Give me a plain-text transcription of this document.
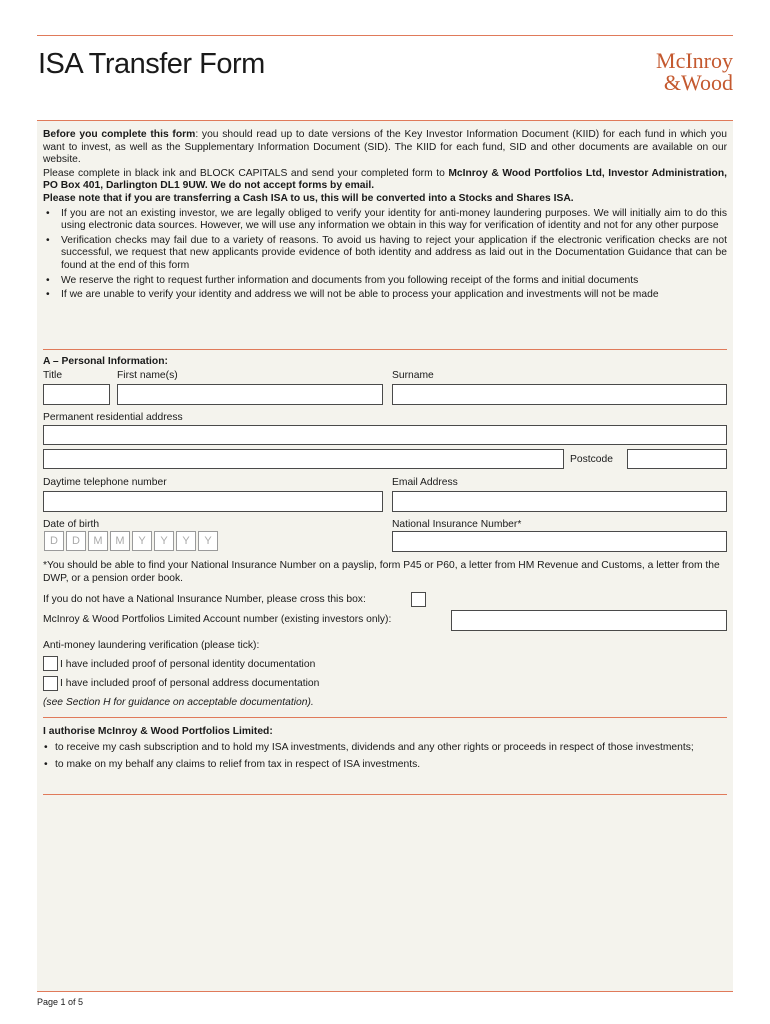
ISA Transfer Form	McInroy
&Wood

Before you complete this form: you should read up to date versions of the Key Investor Information Document (KIID) for each fund in which you want to invest, as well as the Supplementary Information Document (SID). The KIID for each fund, SID and other documents are available on our website.

Please complete in black ink and BLOCK CAPITALS and send your completed form to McInroy & Wood Portfolios Ltd, Investor Administration, PO Box 401, Darlington DL1 9UW. We do not accept forms by email.

Please note that if you are transferring a Cash ISA to us, this will be converted into a Stocks and Shares ISA.

• If you are not an existing investor, we are legally obliged to verify your identity for anti-money laundering purposes. We will initially aim to do this using electronic data sources. However, we will use any information we obtain in this way for verification of identity and not for any other purpose
• Verification checks may fail due to a variety of reasons. To avoid us having to reject your application if the electronic verification checks are not successful, we request that new applicants provide evidence of both identity and address as laid out in the Documentation Guidance that can be found at the end of this form
• We reserve the right to request further information and documents from you following receipt of the forms and initial documents
• If we are unable to verify your identity and address we will not be able to process your application and investments will not be made
A – Personal Information:
Title	First name(s)	Surname
Permanent residential address
Postcode
Daytime telephone number	Email Address
Date of birth	National Insurance Number*
D	D	M	M	Y	Y	Y	Y
*You should be able to find your National Insurance Number on a payslip, form P45 or P60, a letter from HM Revenue and Customs, a letter from the DWP, or a pension order book.
If you do not have a National Insurance Number, please cross this box:
McInroy & Wood Portfolios Limited Account number (existing investors only):
Anti-money laundering verification (please tick):
I have included proof of personal identity documentation
I have included proof of personal address documentation
(see Section H for guidance on acceptable documentation).
I authorise McInroy & Wood Portfolios Limited:
• to receive my cash subscription and to hold my ISA investments, dividends and any other rights or proceeds in respect of those investments;
• to make on my behalf any claims to relief from tax in respect of ISA investments.
Page 1 of 5
